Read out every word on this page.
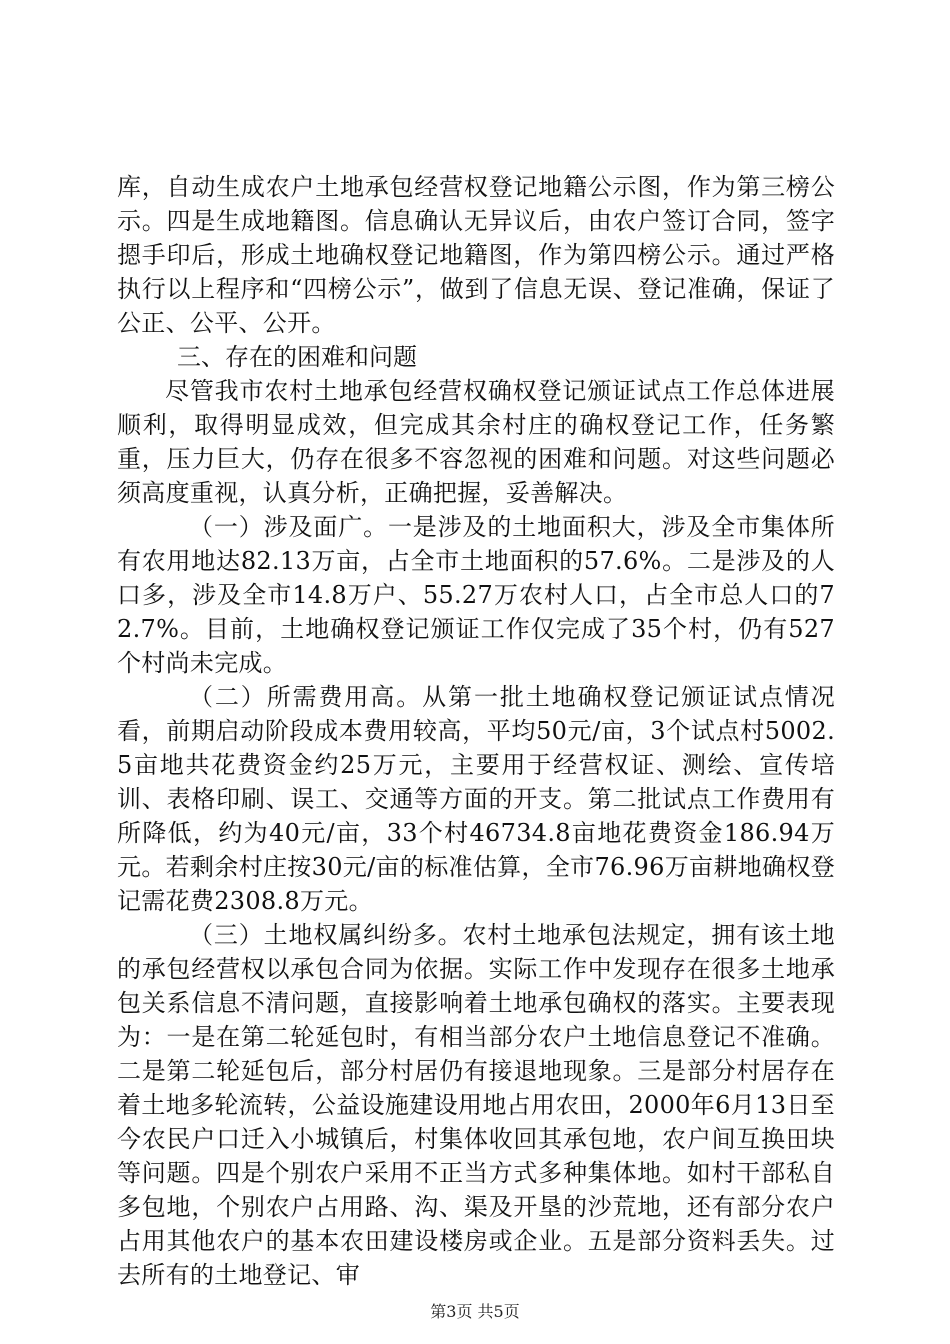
库，自动生成农户土地承包经营权登记地籍公示图，作为第三榜公示。四是生成地籍图。信息确认无异议后，由农户签订合同，签字摁手印后，形成土地确权登记地籍图，作为第四榜公示。通过严格执行以上程序和“四榜公示”，做到了信息无误、登记准确，保证了公正、公平、公开。

三、存在的困难和问题

尽管我市农村土地承包经营权确权登记颁证试点工作总体进展顺利，取得明显成效，但完成其余村庄的确权登记工作，任务繁重，压力巨大，仍存在很多不容忽视的困难和问题。对这些问题必须高度重视，认真分析，正确把握，妥善解决。

（一）涉及面广。一是涉及的土地面积大，涉及全市集体所有农用地达82.13万亩，占全市土地面积的57.6%。二是涉及的人口多，涉及全市14.8万户、55.27万农村人口，占全市总人口的72.7%。目前，土地确权登记颁证工作仅完成了35个村，仍有527个村尚未完成。

（二）所需费用高。从第一批土地确权登记颁证试点情况看，前期启动阶段成本费用较高，平均50元/亩，3个试点村5002.5亩地共花费资金约25万元，主要用于经营权证、测绘、宣传培训、表格印刷、误工、交通等方面的开支。第二批试点工作费用有所降低，约为40元/亩，33个村46734.8亩地花费资金186.94万元。若剩余村庄按30元/亩的标准估算，全市76.96万亩耕地确权登记需花费2308.8万元。

（三）土地权属纠纷多。农村土地承包法规定，拥有该土地的承包经营权以承包合同为依据。实际工作中发现存在很多土地承包关系信息不清问题，直接影响着土地承包确权的落实。主要表现为：一是在第二轮延包时，有相当部分农户土地信息登记不准确。二是第二轮延包后，部分村居仍有接退地现象。三是部分村居存在着土地多轮流转，公益设施建设用地占用农田，2000年6月13日至今农民户口迁入小城镇后，村集体收回其承包地，农户间互换田块等问题。四是个别农户采用不正当方式多种集体地。如村干部私自多包地，个别农户占用路、沟、渠及开垦的沙荒地，还有部分农户占用其他农户的基本农田建设楼房或企业。五是部分资料丢失。过去所有的土地登记、审

第3页 共5页
